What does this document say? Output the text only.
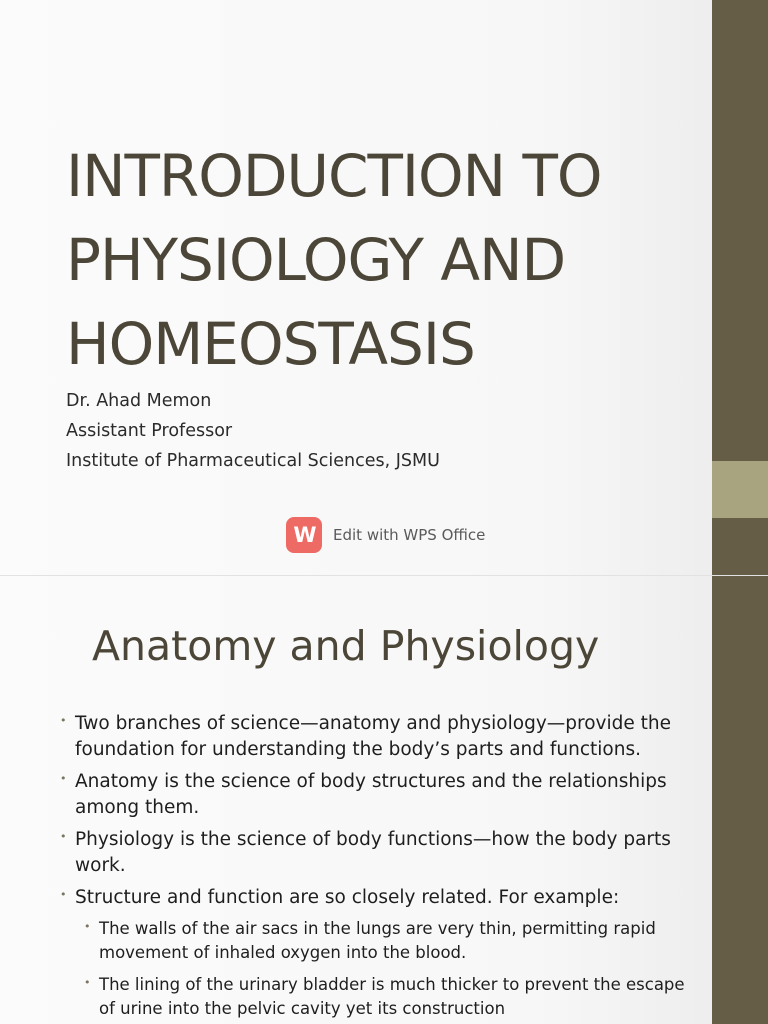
INTRODUCTION TO
PHYSIOLOGY AND
HOMEOSTASIS
Dr. Ahad Memon
Assistant Professor
Institute of Pharmaceutical Sciences, JSMU
W	Edit with WPS Office
Anatomy and Physiology
• Two branches of science—anatomy and physiology—provide the foundation for understanding the body’s parts and functions.
• Anatomy is the science of body structures and the relationships among them.
• Physiology is the science of body functions—how the body parts work.
• Structure and function are so closely related. For example:
• The walls of the air sacs in the lungs are very thin, permitting rapid movement of inhaled oxygen into the blood.
• The lining of the urinary bladder is much thicker to prevent the escape of urine into the pelvic cavity yet its construction
